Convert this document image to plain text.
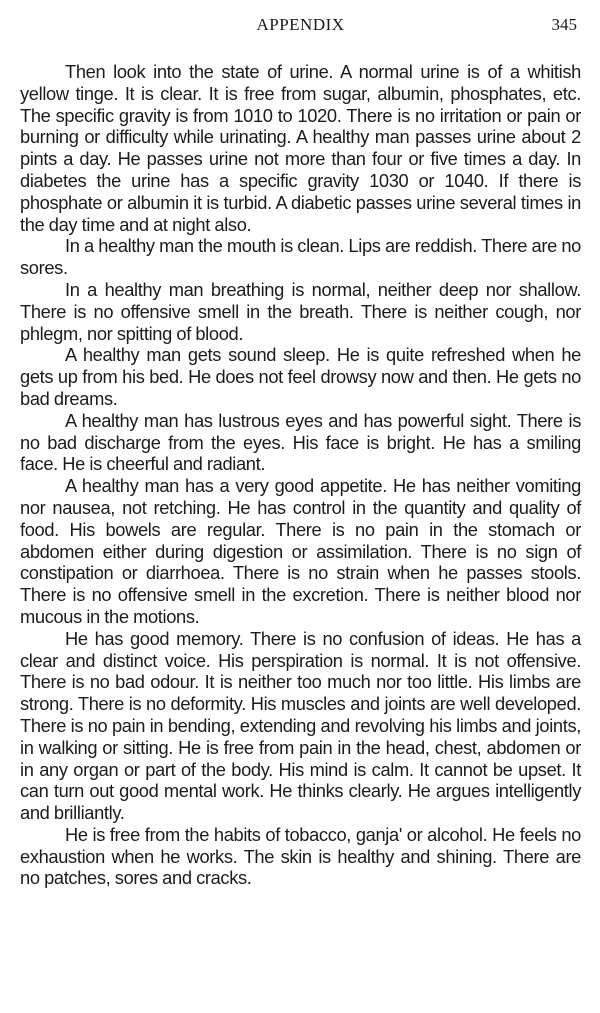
APPENDIX	345

Then look into the state of urine. A normal urine is of a whitish yellow tinge. It is clear. It is free from sugar, albumin, phosphates, etc. The specific gravity is from 1010 to 1020. There is no irritation or pain or burning or difficulty while urinating. A healthy man passes urine about 2 pints a day. He passes urine not more than four or five times a day. In diabetes the urine has a specific gravity 1030 or 1040. If there is phosphate or albumin it is turbid. A diabetic passes urine several times in the day time and at night also.

In a healthy man the mouth is clean. Lips are reddish. There are no sores.

In a healthy man breathing is normal, neither deep nor shallow. There is no offensive smell in the breath. There is neither cough, nor phlegm, nor spitting of blood.

A healthy man gets sound sleep. He is quite refreshed when he gets up from his bed. He does not feel drowsy now and then. He gets no bad dreams.

A healthy man has lustrous eyes and has powerful sight. There is no bad discharge from the eyes. His face is bright. He has a smiling face. He is cheerful and radiant.

A healthy man has a very good appetite. He has neither vomiting nor nausea, not retching. He has control in the quantity and quality of food. His bowels are regular. There is no pain in the stomach or abdomen either during digestion or assimilation. There is no sign of constipation or diarrhoea. There is no strain when he passes stools. There is no offensive smell in the excretion. There is neither blood nor mucous in the motions.

He has good memory. There is no confusion of ideas. He has a clear and distinct voice. His perspiration is normal. It is not offensive. There is no bad odour. It is neither too much nor too little. His limbs are strong. There is no deformity. His muscles and joints are well developed. There is no pain in bending, extending and revolving his limbs and joints, in walking or sitting. He is free from pain in the head, chest, abdomen or in any organ or part of the body. His mind is calm. It cannot be upset. It can turn out good mental work. He thinks clearly. He argues intelligently and brilliantly.

He is free from the habits of tobacco, ganja' or alcohol. He feels no exhaustion when he works. The skin is healthy and shining. There are no patches, sores and cracks.
